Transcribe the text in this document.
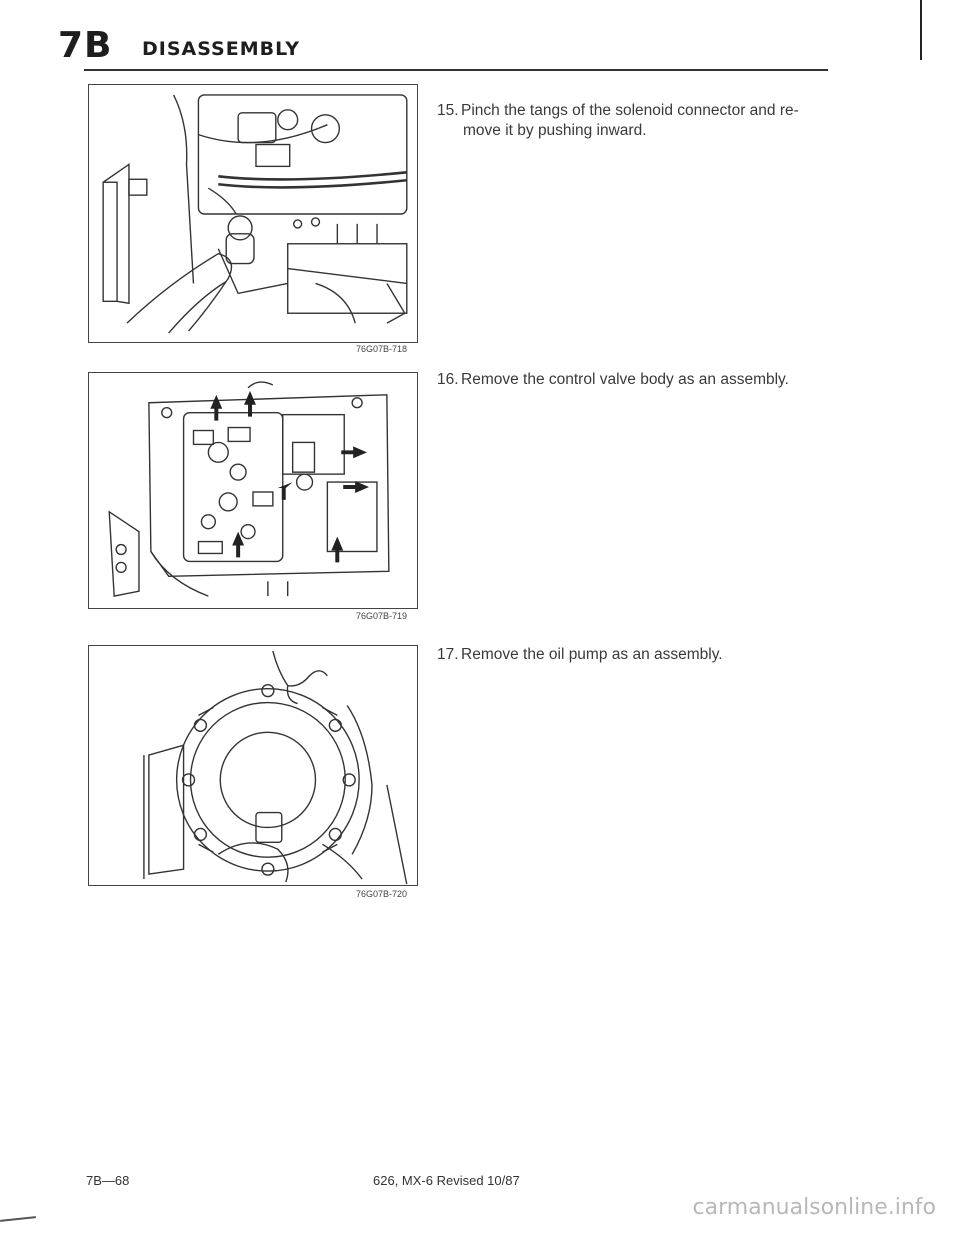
7B DISASSEMBLY
76G07B-718
76G07B-719
76G07B-720
15. Pinch the tangs of the solenoid connector and re-
move it by pushing inward.
16. Remove the control valve body as an assembly.
17. Remove the oil pump as an assembly.
7B—68	626, MX-6 Revised 10/87
carmanualsonline.info
